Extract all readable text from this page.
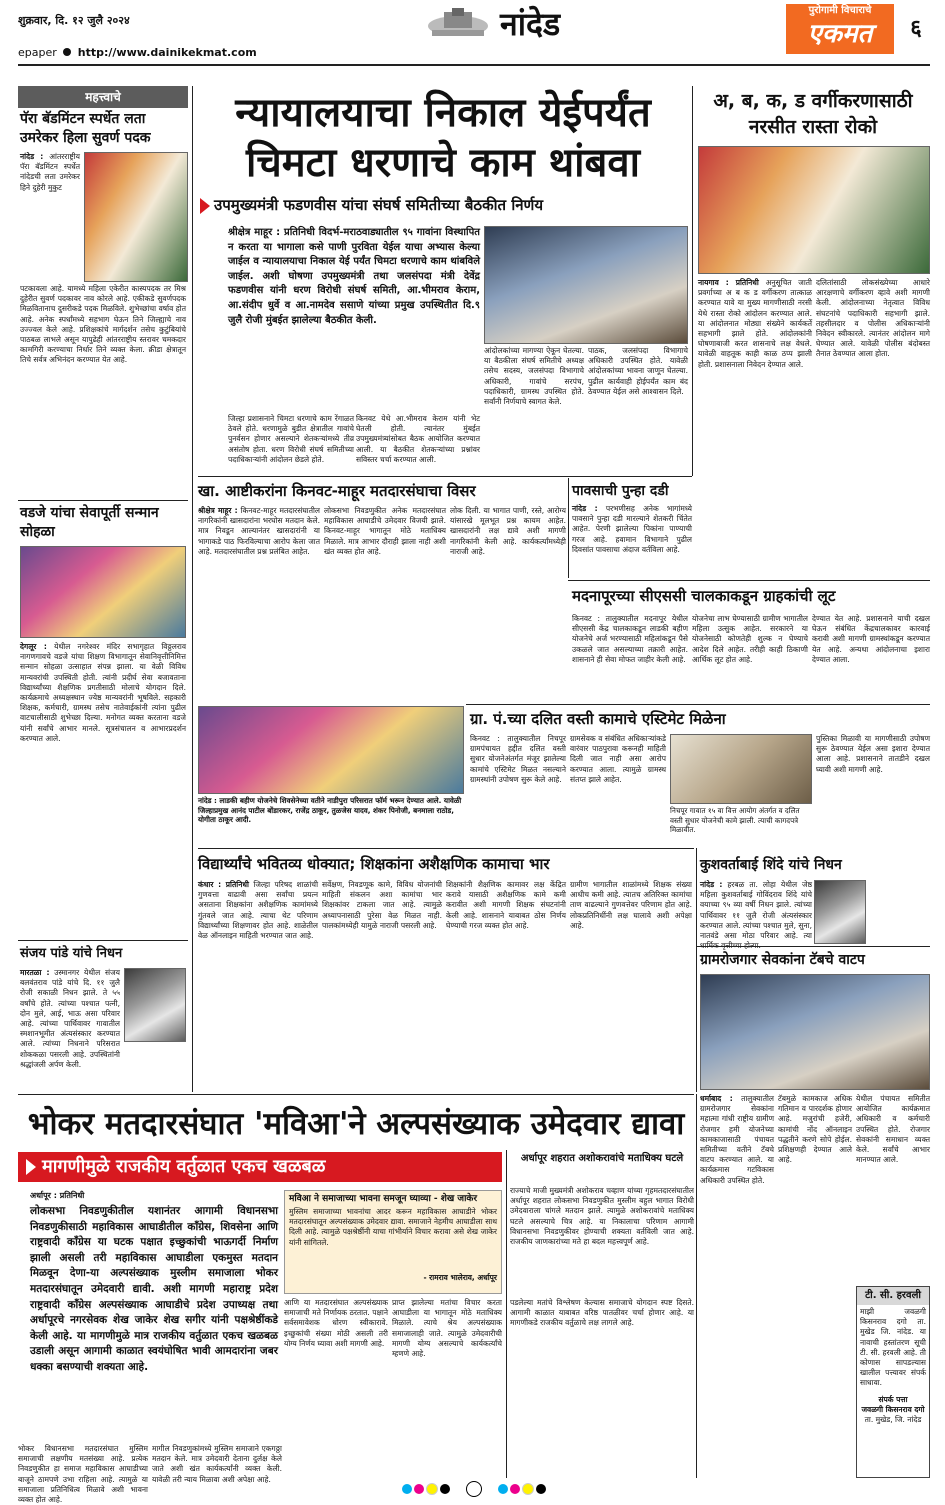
शुक्रवार, दि. १२ जुलै २०२४	नांदेड
epaper http://www.dainikekmat.com
पुरोगामी विचाराचे
एकमत	६
महत्त्वाचे
पॅरा बॅडमिंटन स्पर्धेत लता उमरेकर हिला सुवर्ण पदक
नांदेड : आंतरराष्ट्रीय पॅरा बॅडमिंटन स्पर्धेत नांदेडची लता उमरेकर हिने दुहेरी मुकुट
पटकावला आहे. यामध्ये महिला एकेरीत कास्यपदक तर मिश्र दुहेरीत सुवर्ण पदकावर नाव कोरले आहे. एकीकडे सुवर्णपदक मिळवितानाच दुसरीकडे पदक मिळविले. शुभेच्छांचा वर्षाव होत आहे. अनेक स्पर्धांमध्ये सहभाग घेऊन तिने जिल्ह्याचे नाव उज्ज्वल केले आहे. प्रशिक्षकांचे मार्गदर्शन तसेच कुटुंबियांचे पाठबळ लाभले असून यापुढेही आंतरराष्ट्रीय स्तरावर चमकदार कामगिरी करण्याचा निर्धार तिने व्यक्त केला. क्रीडा क्षेत्रातून तिचे सर्वत्र अभिनंदन करण्यात येत आहे.
वडजे यांचा सेवापूर्ती सन्मान सोहळा
देगलूर : येथील नगरेश्वर मंदिर सभागृहात विठ्ठलराव नागणगावचे वडजे यांचा शिक्षण विभागातून सेवानिवृत्तीनिमित्त सन्मान सोहळा उत्साहात संपन्न झाला. या वेळी विविध मान्यवरांची उपस्थिती होती. त्यांनी प्रदीर्घ सेवा बजावताना विद्यार्थ्यांच्या शैक्षणिक प्रगतीसाठी मोलाचे योगदान दिले. कार्यक्रमाचे अध्यक्षस्थान ज्येष्ठ मान्यवरांनी भूषविले. सहकारी शिक्षक, कर्मचारी, ग्रामस्थ तसेच नातेवाईकांनी त्यांना पुढील वाटचालीसाठी शुभेच्छा दिल्या. मनोगत व्यक्त करताना वडजे यांनी सर्वांचे आभार मानले. सूत्रसंचालन व आभारप्रदर्शन करण्यात आले.
संजय पांडे यांचे निधन
मारतळा : उस्मानगर येथील संजय बलवंतराव पांडे यांचे दि. ११ जुलै रोजी सकाळी निधन झाले. ते ५५ वर्षांचे होते. त्यांच्या पश्चात पत्नी, दोन मुले, आई, भाऊ असा परिवार आहे. त्यांच्या पार्थिवावर गावातील स्मशानभूमीत अंत्यसंस्कार करण्यात आले. त्यांच्या निधनाने परिसरात शोककळा पसरली आहे. उपस्थितांनी श्रद्धांजली अर्पण केली.
न्यायालयाचा निकाल येईपर्यंत
चिमटा धरणाचे काम थांबवा
उपमुख्यमंत्री फडणवीस यांचा संघर्ष समितीच्या बैठकीत निर्णय
श्रीक्षेत्र माहूर : प्रतिनिधी विदर्भ-मराठवाड्यातील ९५ गावांना विस्थापित न करता या भागाला कसे पाणी पुरविता येईल याचा अभ्यास केल्या जाईल व न्यायालयाचा निकाल येई पर्यंत चिमटा धरणाचे काम थांबविले जाईल. अशी घोषणा उपमुख्यमंत्री तथा जलसंपदा मंत्री देवेंद्र फडणवीस यांनी धरण विरोधी संघर्ष समिती, आ.भीमराव केराम, आ.संदीप धुर्वे व आ.नामदेव ससाणे यांच्या प्रमुख उपस्थितीत दि.९ जुलै रोजी मुंबईत झालेल्या बैठकीत केली.
आंदोलकांच्या मागण्या ऐकून घेतल्या. या बैठकीला संघर्ष समितीचे अध्यक्ष तसेच सदस्य, जलसंपदा विभागाचे अधिकारी, गावांचे सरपंच, पदाधिकारी, ग्रामस्थ उपस्थित होते. सर्वांनी निर्णयाचे स्वागत केले.
पाठक, जलसंपदा विभागाचे अधिकारी उपस्थित होते. यावेळी आंदोलकांच्या भावना जाणून घेतल्या. पुढील कार्यवाही होईपर्यंत काम बंद ठेवण्यात येईल असे आश्वासन दिले.
जिल्हा प्रशासनाने चिमटा धरणाचे काम रेंगाळत ठेवले होते. धरणामुळे बुडीत क्षेत्रातील गावांचे पुनर्वसन होणार असल्याने शेतकऱ्यांमध्ये तीव्र असंतोष होता. धरण विरोधी संघर्ष समितीच्या पदाधिकाऱ्यांनी आंदोलन छेडले होते.
किनवट येथे आ.भीमराव केराम यांनी भेट घेतली होती. त्यानंतर मुंबईत उपमुख्यमंत्र्यांसोबत बैठक आयोजित करण्यात आली. या बैठकीत शेतकऱ्यांच्या प्रश्नांवर सविस्तर चर्चा करण्यात आली.
अ, ब, क, ड वर्गीकरणासाठी
नरसीत रास्ता रोको
नायगाव : प्रतिनिधी अनुसूचित जाती प्रवर्गाच्या अ ब क ड वर्गीकरण तात्काळ करण्यात यावे या मुख्य मागणीसाठी नरसी येथे रास्ता रोको आंदोलन करण्यात आले. या आंदोलनात मोठ्या संख्येने कार्यकर्ते सहभागी झाले होते. आंदोलकांनी घोषणाबाजी करत शासनाचे लक्ष वेधले. यावेळी वाहतूक काही काळ ठप्प झाली होती. प्रशासनाला निवेदन देण्यात आले.
दलितांसाठी लोकसंख्येच्या आधारे आरक्षणाचे वर्गीकरण व्हावे अशी मागणी केली. आंदोलनाच्या नेतृत्वात विविध संघटनांचे पदाधिकारी सहभागी झाले. तहसीलदार व पोलीस अधिकाऱ्यांनी निवेदन स्वीकारले. त्यानंतर आंदोलन मागे घेण्यात आले. यावेळी पोलीस बंदोबस्त तैनात ठेवण्यात आला होता.
खा. आष्टीकरांना किनवट-माहूर मतदारसंघाचा विसर
श्रीक्षेत्र माहूर : किनवट-माहूर मतदारसंघातील नागरिकांनी खासदारांना भरघोस मतदान केले. मात्र निवडून आल्यानंतर खासदारांनी या भागाकडे पाठ फिरविल्याचा आरोप केला जात आहे. मतदारसंघातील प्रश्न प्रलंबित आहेत.
लोकसभा निवडणुकीत अनेक मतदारसंघात महाविकास आघाडीचे उमेदवार विजयी झाले. किनवट-माहूर भागातून मोठे मताधिक्य मिळाले. मात्र आभार दौराही झाला नाही अशी खंत व्यक्त होत आहे.
लोक दिली. या भागात पाणी, रस्ते, आरोग्य यांसारखे मूलभूत प्रश्न कायम आहेत. खासदारांनी लक्ष द्यावे अशी मागणी नागरिकांनी केली आहे. कार्यकर्त्यांमध्येही नाराजी आहे.
पावसाची पुन्हा दडी
नांदेड : परभणीसह अनेक भागांमध्ये पावसाने पुन्हा दडी मारल्याने शेतकरी चिंतेत आहेत. पेरणी झालेल्या पिकांना पाण्याची गरज आहे. हवामान विभागाने पुढील दिवसांत पावसाचा अंदाज वर्तविला आहे.
मदनापूरच्या सीएससी चालकाकडून ग्राहकांची लूट
किनवट : तालुक्यातील मदनापूर येथील सीएससी केंद्र चालकाकडून लाडकी बहीण योजनेचे अर्ज भरण्यासाठी महिलांकडून पैसे उकळले जात असल्याच्या तक्रारी आहेत. शासनाने ही सेवा मोफत जाहीर केली आहे.
योजनेचा लाभ घेण्यासाठी ग्रामीण भागातील महिला उत्सुक आहेत. सरकारने या योजनेसाठी कोणतेही शुल्क न घेण्याचे आदेश दिले आहेत. तरीही काही ठिकाणी आर्थिक लूट होत आहे.
देण्यात येत आहे. प्रशासनाने याची दखल घेऊन संबंधित केंद्रचालकावर कारवाई करावी अशी मागणी ग्रामस्थांकडून करण्यात येत आहे. अन्यथा आंदोलनाचा इशारा देण्यात आला.
नांदेड : लाडकी बहीण योजनेचे शिवसेनेच्या वतीने नाडीपुरा परिसरात फॉर्म भरून देण्यात आले. यावेळी जिल्हाप्रमुख आनंद पाटील बोंडारकर, राजेंद्र ठाकूर, तुळजेस यादव, शंकर पिनोजी, बनमाला राठोड, योगीता ठाकूर आदी.
ग्रा. पं.च्या दलित वस्ती कामाचे एस्टिमेट मिळेना
किनवट : तालुक्यातील निचपूर ग्रामपंचायत हद्दीत दलित वस्ती सुधार योजनेअंतर्गत मंजूर झालेल्या कामांचे एस्टिमेट मिळत नसल्याने ग्रामस्थांनी उपोषण सुरू केले आहे.
ग्रामसेवक व संबंधित अधिकाऱ्यांकडे वारंवार पाठपुरावा करूनही माहिती दिली जात नाही असा आरोप करण्यात आला. त्यामुळे ग्रामस्थ संतप्त झाले आहेत.
निचपूर गावात १५ वा वित्त आयोग अंतर्गत व दलित वस्ती सुधार योजनेची कामे झाली. त्याची कागदपत्रे मिळावीत.
पुस्तिका मिळावी या मागणीसाठी उपोषण सुरू ठेवण्यात येईल असा इशारा देण्यात आला आहे. प्रशासनाने तातडीने दखल घ्यावी अशी मागणी आहे.
विद्यार्थ्यांचे भवितव्य धोक्यात; शिक्षकांना अशैक्षणिक कामाचा भार
कंधार : प्रतिनिधी जिल्हा परिषद शाळांची गुणवत्ता वाढावी असा सर्वांचा प्रयत्न असताना शिक्षकांना अशैक्षणिक कामांमध्ये गुंतवले जात आहे. त्याचा थेट परिणाम विद्यार्थ्यांच्या शिक्षणावर होत आहे. शाळेतील वेळ ऑनलाइन माहिती भरण्यात जात आहे.
सर्वेक्षण, निवडणूक कामे, विविध योजनांची माहिती संकलन अशा कामांचा भार शिक्षकांवर टाकला जात आहे. त्यामुळे अध्यापनासाठी पुरेसा वेळ मिळत नाही. पालकांमध्येही यामुळे नाराजी पसरली आहे.
शिक्षकांनी शैक्षणिक कामावर लक्ष केंद्रित करावे यासाठी अशैक्षणिक कामे कमी करावीत अशी मागणी शिक्षक संघटनांनी केली आहे. शासनाने याबाबत ठोस निर्णय घेण्याची गरज व्यक्त होत आहे.
ग्रामीण भागातील शाळांमध्ये शिक्षक संख्या आधीच कमी आहे. त्यातच अतिरिक्त कामांचा ताण वाढल्याने गुणवत्तेवर परिणाम होत आहे. लोकप्रतिनिधींनी लक्ष घालावे अशी अपेक्षा आहे.
कुशवर्ताबाई शिंदे यांचे निधन
नांदेड : हरबळ ता. लोहा येथील जेष्ठ महिला कुशवर्ताबाई गोविंदराव शिंदे यांचे वयाच्या ९५ व्या वर्षी निधन झाले. त्यांच्या पार्थिवावर ११ जुलै रोजी अंत्यसंस्कार करण्यात आले. त्यांच्या पश्चात मुले, सुना, नातवंडे असा मोठा परिवार आहे. त्या
ग्रामरोजगार सेवकांना टॅबचे वाटप
धर्माबाद : तालुक्यातील ग्रामरोजगार सेवकांना महात्मा गांधी राष्ट्रीय ग्रामीण रोजगार हमी योजनेच्या कामकाजासाठी पंचायत समितीच्या वतीने टॅबचे वाटप करण्यात आले. या कार्यक्रमास गटविकास अधिकारी उपस्थित होते.
टॅबमुळे कामकाज अधिक गतिमान व पारदर्शक होणार आहे. मजुरांची हजेरी, कामांची नोंद ऑनलाइन पद्धतीने करणे सोपे होईल. प्रशिक्षणही देण्यात आले आहे.
येथील पंचायत समितीत आयोजित कार्यक्रमात अधिकारी व कर्मचारी उपस्थित होते. रोजगार सेवकांनी समाधान व्यक्त केले. सर्वांचे आभार मानण्यात आले.
भोकर मतदारसंघात 'मविआ'ने अल्पसंख्याक उमेदवार द्यावा
मागणीमुळे राजकीय वर्तुळात एकच खळबळ
अर्धापूर : प्रतिनिधी
लोकसभा निवडणुकीतील यशानंतर आगामी विधानसभा निवडणुकीसाठी महाविकास आघाडीतील काँग्रेस, शिवसेना आणि राष्ट्रवादी काँग्रेस या घटक पक्षात इच्छुकांची भाऊगर्दी निर्माण झाली असली तरी महाविकास आघाडीला एकमुस्त मतदान मिळवून देणा-या अल्पसंख्याक मुस्लीम समाजाला भोकर मतदारसंघातून उमेदवारी द्यावी. अशी मागणी महाराष्ट्र प्रदेश राष्ट्रवादी काँग्रेस अल्पसंख्याक आघाडीचे प्रदेश उपाध्यक्ष तथा अर्धापूरचे नगरसेवक शेख जाकेर शेख सगीर यांनी पक्षश्रेष्ठींकडे केली आहे. या मागणीमुळे मात्र राजकीय वर्तुळात एकच खळबळ उडाली असून आगामी काळात स्वयंघोषित भावी आमदारांना जबर धक्का बसण्याची शक्यता आहे.
भोकर विधानसभा मतदारसंघात मुस्लिम समाजाची लक्षणीय मतसंख्या आहे. प्रत्येक निवडणुकीत हा समाज महाविकास आघाडीच्या बाजूने ठामपणे उभा राहिला आहे. त्यामुळे या समाजाला प्रतिनिधित्व मिळावे अशी भावना व्यक्त होत आहे.
मागील निवडणुकांमध्ये मुस्लिम समाजाने एकगठ्ठा मतदान केले. मात्र उमेदवारी देताना दुर्लक्ष केले जाते अशी खंत कार्यकर्त्यांनी व्यक्त केली. यावेळी तरी न्याय मिळावा अशी अपेक्षा आहे.
मविआ ने समाजाच्या भावना समजून घ्याव्या - शेख जाकेर
मुस्लिम समाजाच्या भावनांचा आदर करून महाविकास आघाडीने भोकर मतदारसंघातून अल्पसंख्याक उमेदवार द्यावा. समाजाने नेहमीच आघाडीला साथ दिली आहे. त्यामुळे पक्षश्रेष्ठींनी याचा गांभीर्याने विचार करावा असे शेख जाकेर यांनी सांगितले.
- रामराव भालेराव, अर्धापूर
आणि या मतदारसंघात अल्पसंख्याक समाजाची मते निर्णायक ठरतात. पक्षाने सर्वसमावेशक धोरण स्वीकारावे. इच्छुकांची संख्या मोठी असली तरी योग्य निर्णय घ्यावा अशी मागणी आहे.
प्राप्त झालेल्या मतांचा विचार करता आघाडीला या भागातून मोठे मताधिक्य मिळाले. त्याचे श्रेय अल्पसंख्याक समाजालाही जाते. त्यामुळे उमेदवारीची मागणी योग्य असल्याचे कार्यकर्त्यांचे म्हणणे आहे.
अर्धापूर शहरात अशोकरावांचे मताधिक्य घटले
राज्याचे माजी मुख्यमंत्री अशोकराव चव्हाण यांच्या गृहमतदारसंघातील अर्धापूर शहरात लोकसभा निवडणुकीत मुस्लीम बहुल भागात विरोधी उमेदवाराला चांगले मतदान झाले. त्यामुळे अशोकरावांचे मताधिक्य घटले असल्याचे चित्र आहे. या निकालाचा परिणाम आगामी विधानसभा निवडणुकीवर होण्याची शक्यता वर्तविली जात आहे. राजकीय जाणकारांच्या मते हा बदल महत्त्वपूर्ण आहे.
पडलेल्या मतांचे विश्लेषण केल्यास समाजाचे योगदान स्पष्ट दिसते. आगामी काळात याबाबत वरिष्ठ पातळीवर चर्चा होणार आहे. या मागणीकडे राजकीय वर्तुळाचे लक्ष लागले आहे.
टी. सी. हरवली
माझी जवळगी किसनराव दगो ता. मुखेड जि. नांदेड. या नावाची हस्तांतरण सूची टी. सी. हरवली आहे. ती कोणास सापडल्यास खालील पत्त्यावर संपर्क साधावा.
संपर्क पत्ता
जवळगी किसनराव दगो
ता. मुखेड, जि. नांदेड
